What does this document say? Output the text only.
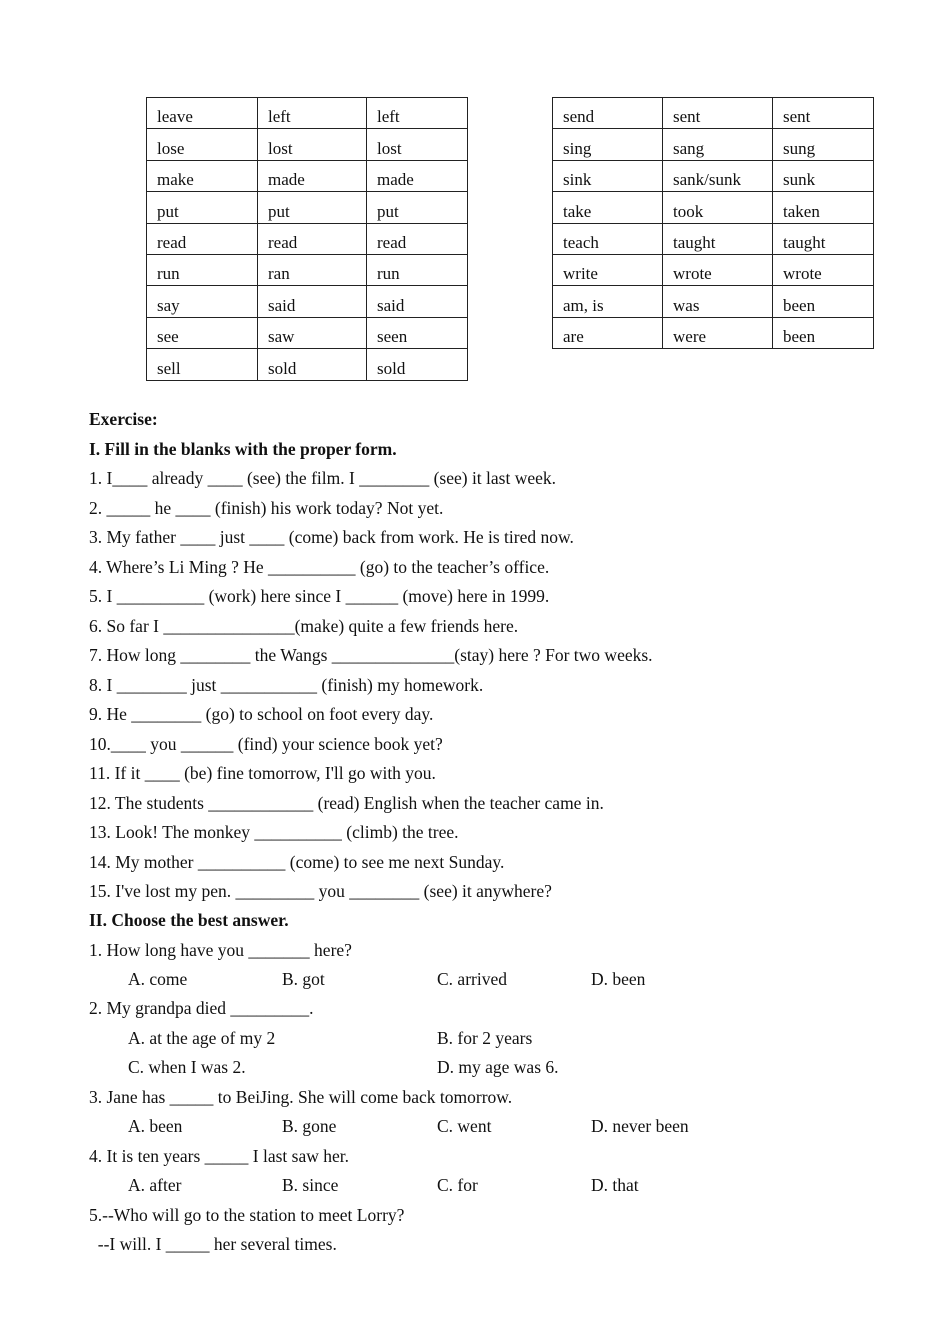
leave	left	left
lose	lost	lost
make	made	made
put	put	put
read	read	read
run	ran	run
say	said	said
see	saw	seen
sell	sold	sold
send	sent	sent
sing	sang	sung
sink	sank/sunk	sunk
take	took	taken
teach	taught	taught
write	wrote	wrote
am, is	was	been
are	were	been
Exercise:
I. Fill in the blanks with the proper form.
1. I____ already ____ (see) the film. I ________ (see) it last week.
2. _____ he ____ (finish) his work today? Not yet.
3. My father ____ just ____ (come) back from work. He is tired now.
4. Where’s Li Ming ? He __________ (go) to the teacher’s office.
5. I __________ (work) here since I ______ (move) here in 1999.
6. So far I _______________(make) quite a few friends here.
7. How long ________ the Wangs ______________(stay) here ? For two weeks.
8. I ________ just ___________ (finish) my homework.
9. He ________ (go) to school on foot every day.
10.____ you ______ (find) your science book yet?
11. If it ____ (be) fine tomorrow, I'll go with you.
12. The students ____________ (read) English when the teacher came in.
13. Look! The monkey __________ (climb) the tree.
14. My mother __________ (come) to see me next Sunday.
15. I've lost my pen. _________ you ________ (see) it anywhere?
II. Choose the best answer.
1. How long have you _______ here?
A. come	B. got	C. arrived	D. been
2. My grandpa died _________.
A. at the age of my 2	B. for 2 years
C. when I was 2.	D. my age was 6.
3. Jane has _____ to BeiJing. She will come back tomorrow.
A. been	B. gone	C. went	D. never been
4. It is ten years _____ I last saw her.
A. after	B. since	C. for	D. that
5.--Who will go to the station to meet Lorry?
--I will. I _____ her several times.
